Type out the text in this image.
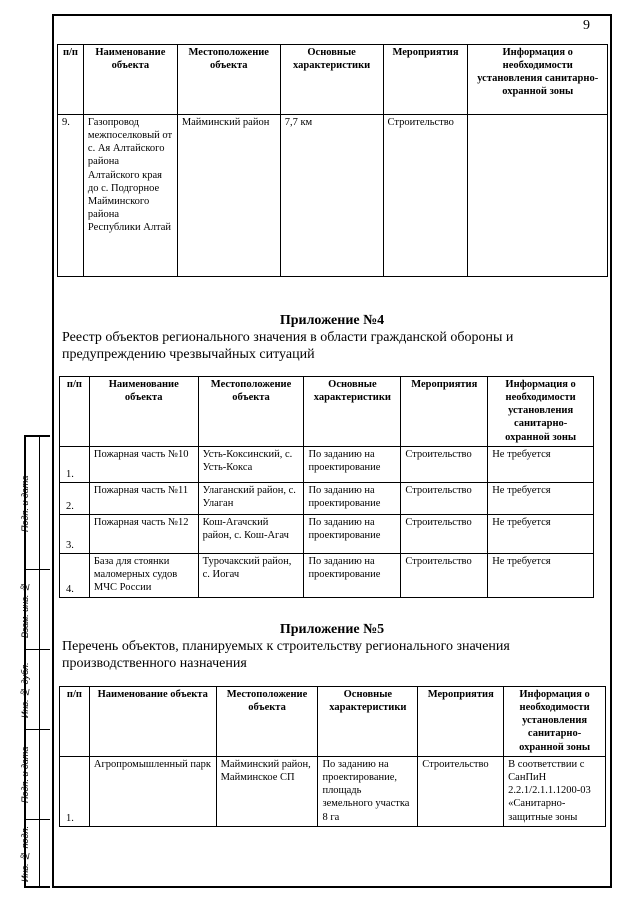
Подп. и дата
Взам. инв. №
Инв. № дубл.
Подп. и дата
Инв. № подл.
9
п/п	Наименование объекта	Местоположение объекта	Основные характеристики	Мероприятия	Информация о необходимости установления санитарно-охранной зоны
9.	Газопровод межпоселковый от с. Ая Алтайского района Алтайского края до с. Подгорное Майминского района Республики Алтай	Майминский район	7,7 км	Строительство	
Приложение №4
Реестр объектов регионального значения в области гражданской обороны и предупреждению чрезвычайных ситуаций
п/п	Наименование объекта	Местоположение объекта	Основные характеристики	Мероприятия	Информация о необходимости установления санитарно-охранной зоны

1.	Пожарная часть №10	Усть-Коксинский, с. Усть-Кокса	По заданию на проектирование	Строительство	Не требуется

2.	Пожарная часть №11	Улаганский район, с. Улаган	По заданию на проектирование	Строительство	Не требуется

3.	Пожарная часть №12	Кош-Агачский район, с. Кош-Агач	По заданию на проектирование	Строительство	Не требуется

4.	База для стоянки маломерных судов МЧС России	Турочакский район, с. Иогач	По заданию на проектирование	Строительство	Не требуется
Приложение №5
Перечень объектов, планируемых к строительству регионального значения производственного назначения
п/п	Наименование объекта	Местоположение объекта	Основные характеристики	Мероприятия	Информация о необходимости установления санитарно-охранной зоны

1.	Агропромышленный парк	Майминский район, Майминское СП	По заданию на проектирование, площадь земельного участка 8 га	Строительство	В соответствии с СанПиН 2.2.1/2.1.1.1200-03 «Санитарно-защитные зоны
